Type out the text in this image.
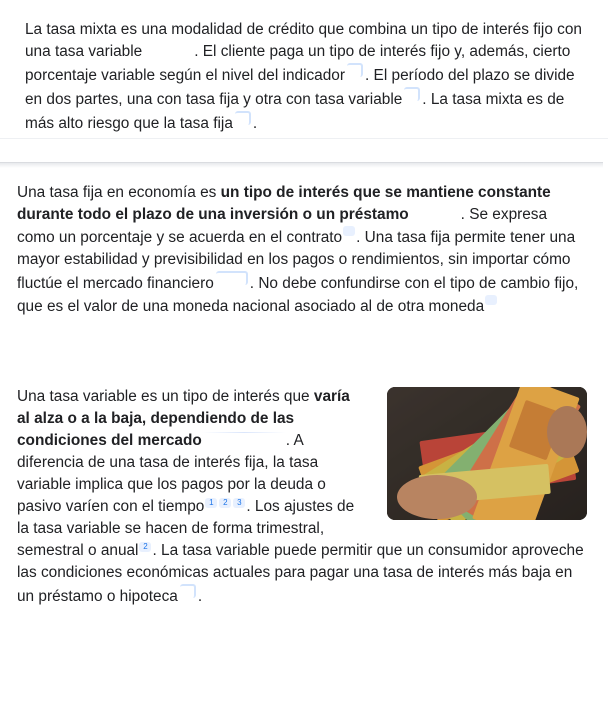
La tasa mixta es una modalidad de crédito que combina un tipo de interés fijo con una tasa variable	. El cliente paga un tipo de interés fijo y, además, cierto porcentaje variable según el nivel del indicador . El período del plazo se divide en dos partes, una con tasa fija y otra con tasa variable . La tasa mixta es de más alto riesgo que la tasa fija .

Una tasa fija en economía es un tipo de interés que se mantiene constante durante todo el plazo de una inversión o un préstamo	. Se expresa como un porcentaje y se acuerda en el contrato . Una tasa fija permite tener una mayor estabilidad y previsibilidad en los pagos o rendimientos, sin importar cómo fluctúe el mercado financiero . No debe confundirse con el tipo de cambio fijo, que es el valor de una moneda nacional asociado al de otra moneda

Una tasa variable es un tipo de interés que varía al alza o a la baja, dependiendo de las condiciones del mercado	. A diferencia de una tasa de interés fija, la tasa variable implica que los pagos por la deuda o pasivo varíen con el tiempo 1 2 3 . Los ajustes de la tasa variable se hacen de forma trimestral, semestral o anual 2 . La tasa variable puede permitir que un consumidor aproveche las condiciones económicas actuales para pagar una tasa de interés más baja en un préstamo o hipoteca .
